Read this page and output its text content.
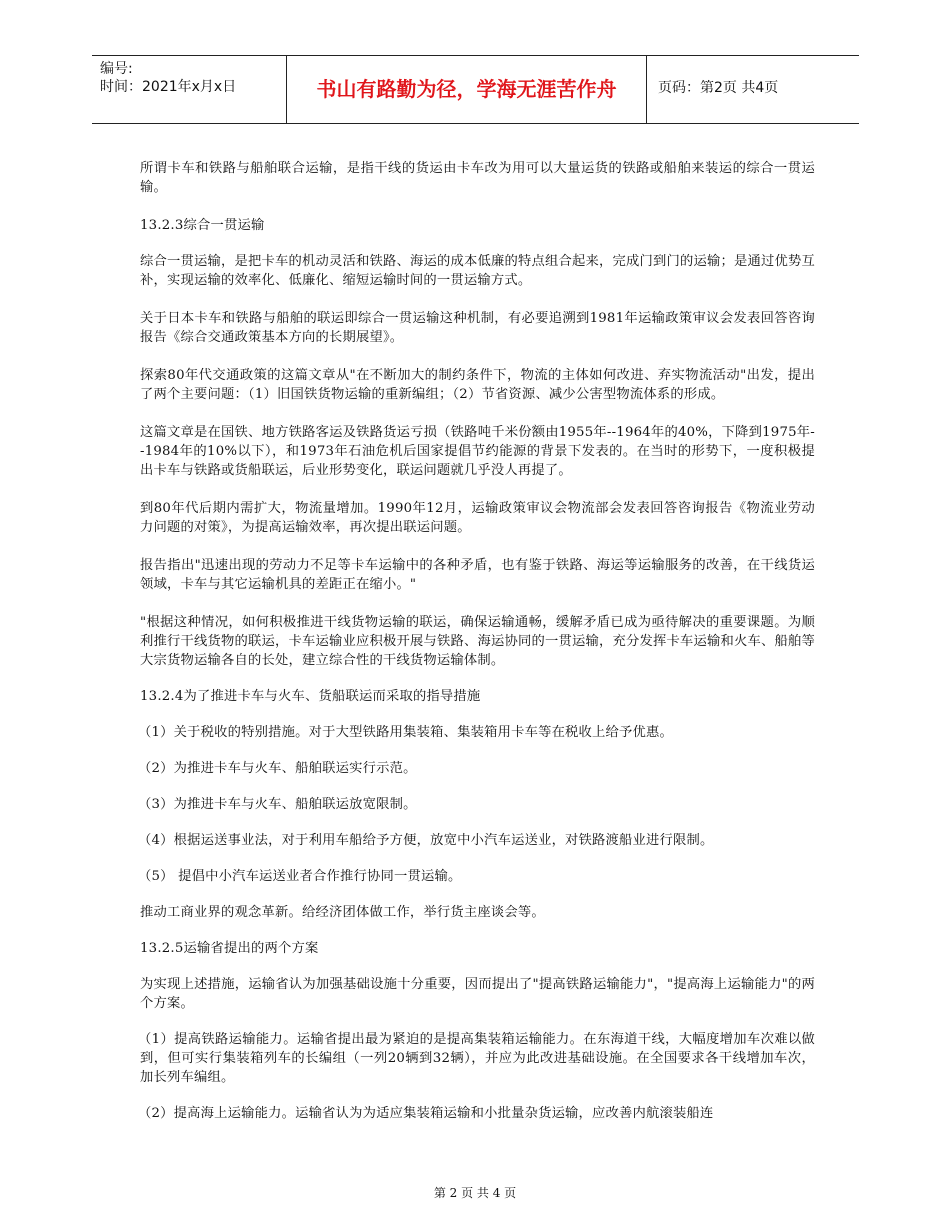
编号:
时间：2021年x月x日	书山有路勤为径，学海无涯苦作舟	页码：第2页 共4页

所谓卡车和铁路与船舶联合运输，是指干线的货运由卡车改为用可以大量运货的铁路或船舶来装运的综合一贯运输。

13.2.3综合一贯运输

综合一贯运输，是把卡车的机动灵活和铁路、海运的成本低廉的特点组合起来，完成门到门的运输；是通过优势互补，实现运输的效率化、低廉化、缩短运输时间的一贯运输方式。

关于日本卡车和铁路与船舶的联运即综合一贯运输这种机制，有必要追溯到1981年运输政策审议会发表回答咨询报告《综合交通政策基本方向的长期展望》。

探索80年代交通政策的这篇文章从"在不断加大的制约条件下，物流的主体如何改进、弃实物流活动"出发，提出了两个主要问题：（1）旧国铁货物运输的重新编组；（2）节省资源、减少公害型物流体系的形成。

这篇文章是在国铁、地方铁路客运及铁路货运亏损（铁路吨千米份额由1955年--1964年的40%，下降到1975年--1984年的10%以下），和1973年石油危机后国家提倡节约能源的背景下发表的。在当时的形势下，一度积极提出卡车与铁路或货船联运，后业形势变化，联运问题就几乎没人再提了。

到80年代后期内需扩大，物流量增加。1990年12月，运输政策审议会物流部会发表回答咨询报告《物流业劳动力问题的对策》，为提高运输效率，再次提出联运问题。

报告指出"迅速出现的劳动力不足等卡车运输中的各种矛盾，也有鉴于铁路、海运等运输服务的改善，在干线货运领域，卡车与其它运输机具的差距正在缩小。"

"根据这种情况，如何积极推进干线货物运输的联运，确保运输通畅，缓解矛盾已成为亟待解决的重要课题。为顺利推行干线货物的联运，卡车运输业应积极开展与铁路、海运协同的一贯运输，充分发挥卡车运输和火车、船舶等大宗货物运输各自的长处，建立综合性的干线货物运输体制。

13.2.4为了推进卡车与火车、货船联运而采取的指导措施

（1）关于税收的特别措施。对于大型铁路用集装箱、集装箱用卡车等在税收上给予优惠。

（2）为推进卡车与火车、船舶联运实行示范。

（3）为推进卡车与火车、船舶联运放宽限制。

（4）根据运送事业法，对于利用车船给予方便，放宽中小汽车运送业，对铁路渡船业进行限制。

（5） 提倡中小汽车运送业者合作推行协同一贯运输。

推动工商业界的观念革新。给经济团体做工作，举行货主座谈会等。

13.2.5运输省提出的两个方案

为实现上述措施，运输省认为加强基础设施十分重要，因而提出了"提高铁路运输能力"，"提高海上运输能力"的两个方案。

（1）提高铁路运输能力。运输省提出最为紧迫的是提高集装箱运输能力。在东海道干线，大幅度增加车次难以做到，但可实行集装箱列车的长编组（一列20辆到32辆），并应为此改进基础设施。在全国要求各干线增加车次，加长列车编组。

（2）提高海上运输能力。运输省认为为适应集装箱运输和小批量杂货运输，应改善内航滚装船连

第 2 页 共 4 页
